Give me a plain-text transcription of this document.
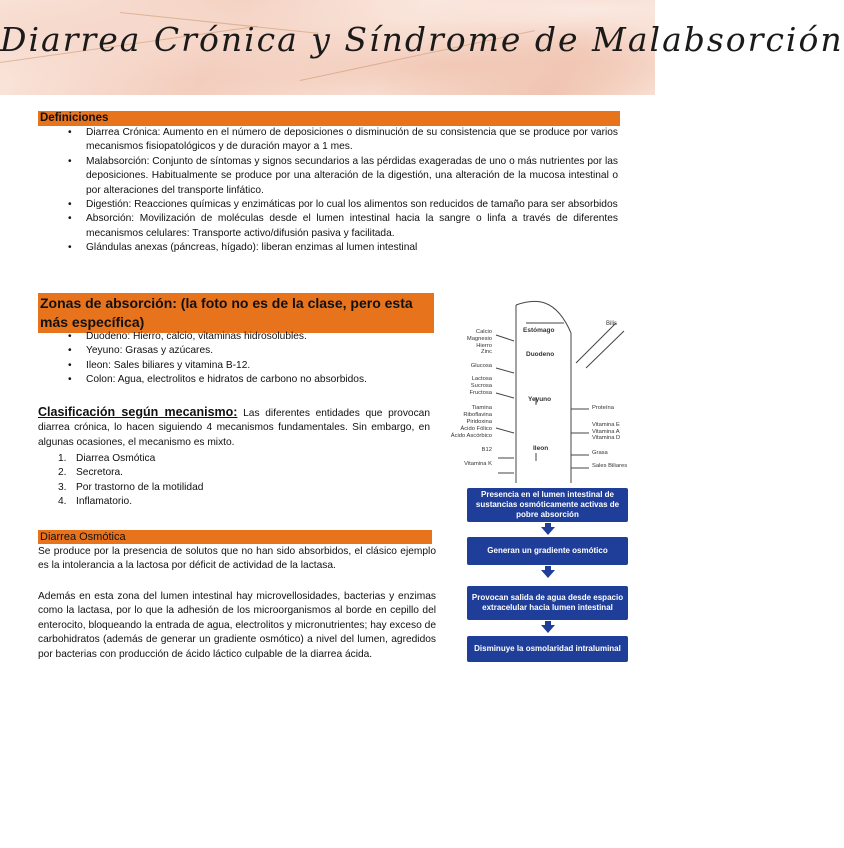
Diarrea Crónica y Síndrome de Malabsorción
Definiciones
• Diarrea Crónica: Aumento en el número de deposiciones o disminución de su consistencia que se produce por varios mecanismos fisiopatológicos y de duración mayor a 1 mes.
• Malabsorción: Conjunto de síntomas y signos secundarios a las pérdidas exageradas de uno o más nutrientes por las deposiciones. Habitualmente se produce por una alteración de la digestión, una alteración de la mucosa intestinal o por alteraciones del transporte linfático.
• Digestión: Reacciones químicas y enzimáticas por lo cual los alimentos son reducidos de tamaño para ser absorbidos
• Absorción: Movilización de moléculas desde el lumen intestinal hacia la sangre o linfa a través de diferentes mecanismos celulares: Transporte activo/difusión pasiva y facilitada.
• Glándulas anexas (páncreas, hígado): liberan enzimas al lumen intestinal
Zonas de absorción: (la foto no es de la clase, pero esta más específica)
• Duodeno: Hierro, calcio, vitaminas hidrosolubles.
• Yeyuno: Grasas y azúcares.
• Ileon: Sales biliares y vitamina B-12.
• Colon: Agua, electrolitos e hidratos de carbono no absorbidos.
Clasificación según mecanismo: Las diferentes entidades que provocan diarrea crónica, lo hacen siguiendo 4 mecanismos fundamentales. Sin embargo, en algunas ocasiones, el mecanismo es mixto.
1. Diarrea Osmótica
2. Secretora.
3. Por trastorno de la motilidad
4. Inflamatorio.
Diarrea Osmótica
Se produce por la presencia de solutos que no han sido absorbidos, el clásico ejemplo es la intolerancia a la lactosa por déficit de actividad de la lactasa.
Además en esta zona del lumen intestinal hay microvellosidades, bacterias y enzimas como la lactasa, por lo que la adhesión de los microorganismos al borde en cepillo del enterocito, bloqueando la entrada de agua, electrolitos y micronutrientes; hay exceso de carbohidratos (además de generar un gradiente osmótico) a nivel del lumen, agredidos por bacterias con producción de ácido láctico culpable de la diarrea ácida.
Estómago
Duodeno
Yeyuno
Ileon
Bilis
Calcio
Magnesio
Hierro
Zinc
Glucosa
Lactosa
Sucrosa
Fructosa
Tiamina
Riboflavina
Piridoxina
Ácido Fólico
Ácido Ascórbico
B12
Vitamina K
Proteína
Vitamina E
Vitamina A
Vitamina D
Grasa
Sales Biliares
Presencia en el lumen intestinal de sustancias osmóticamente activas de pobre absorción
Generan un gradiente osmótico
Provocan salida de agua desde espacio extracelular hacia lumen intestinal
Disminuye la osmolaridad intraluminal
